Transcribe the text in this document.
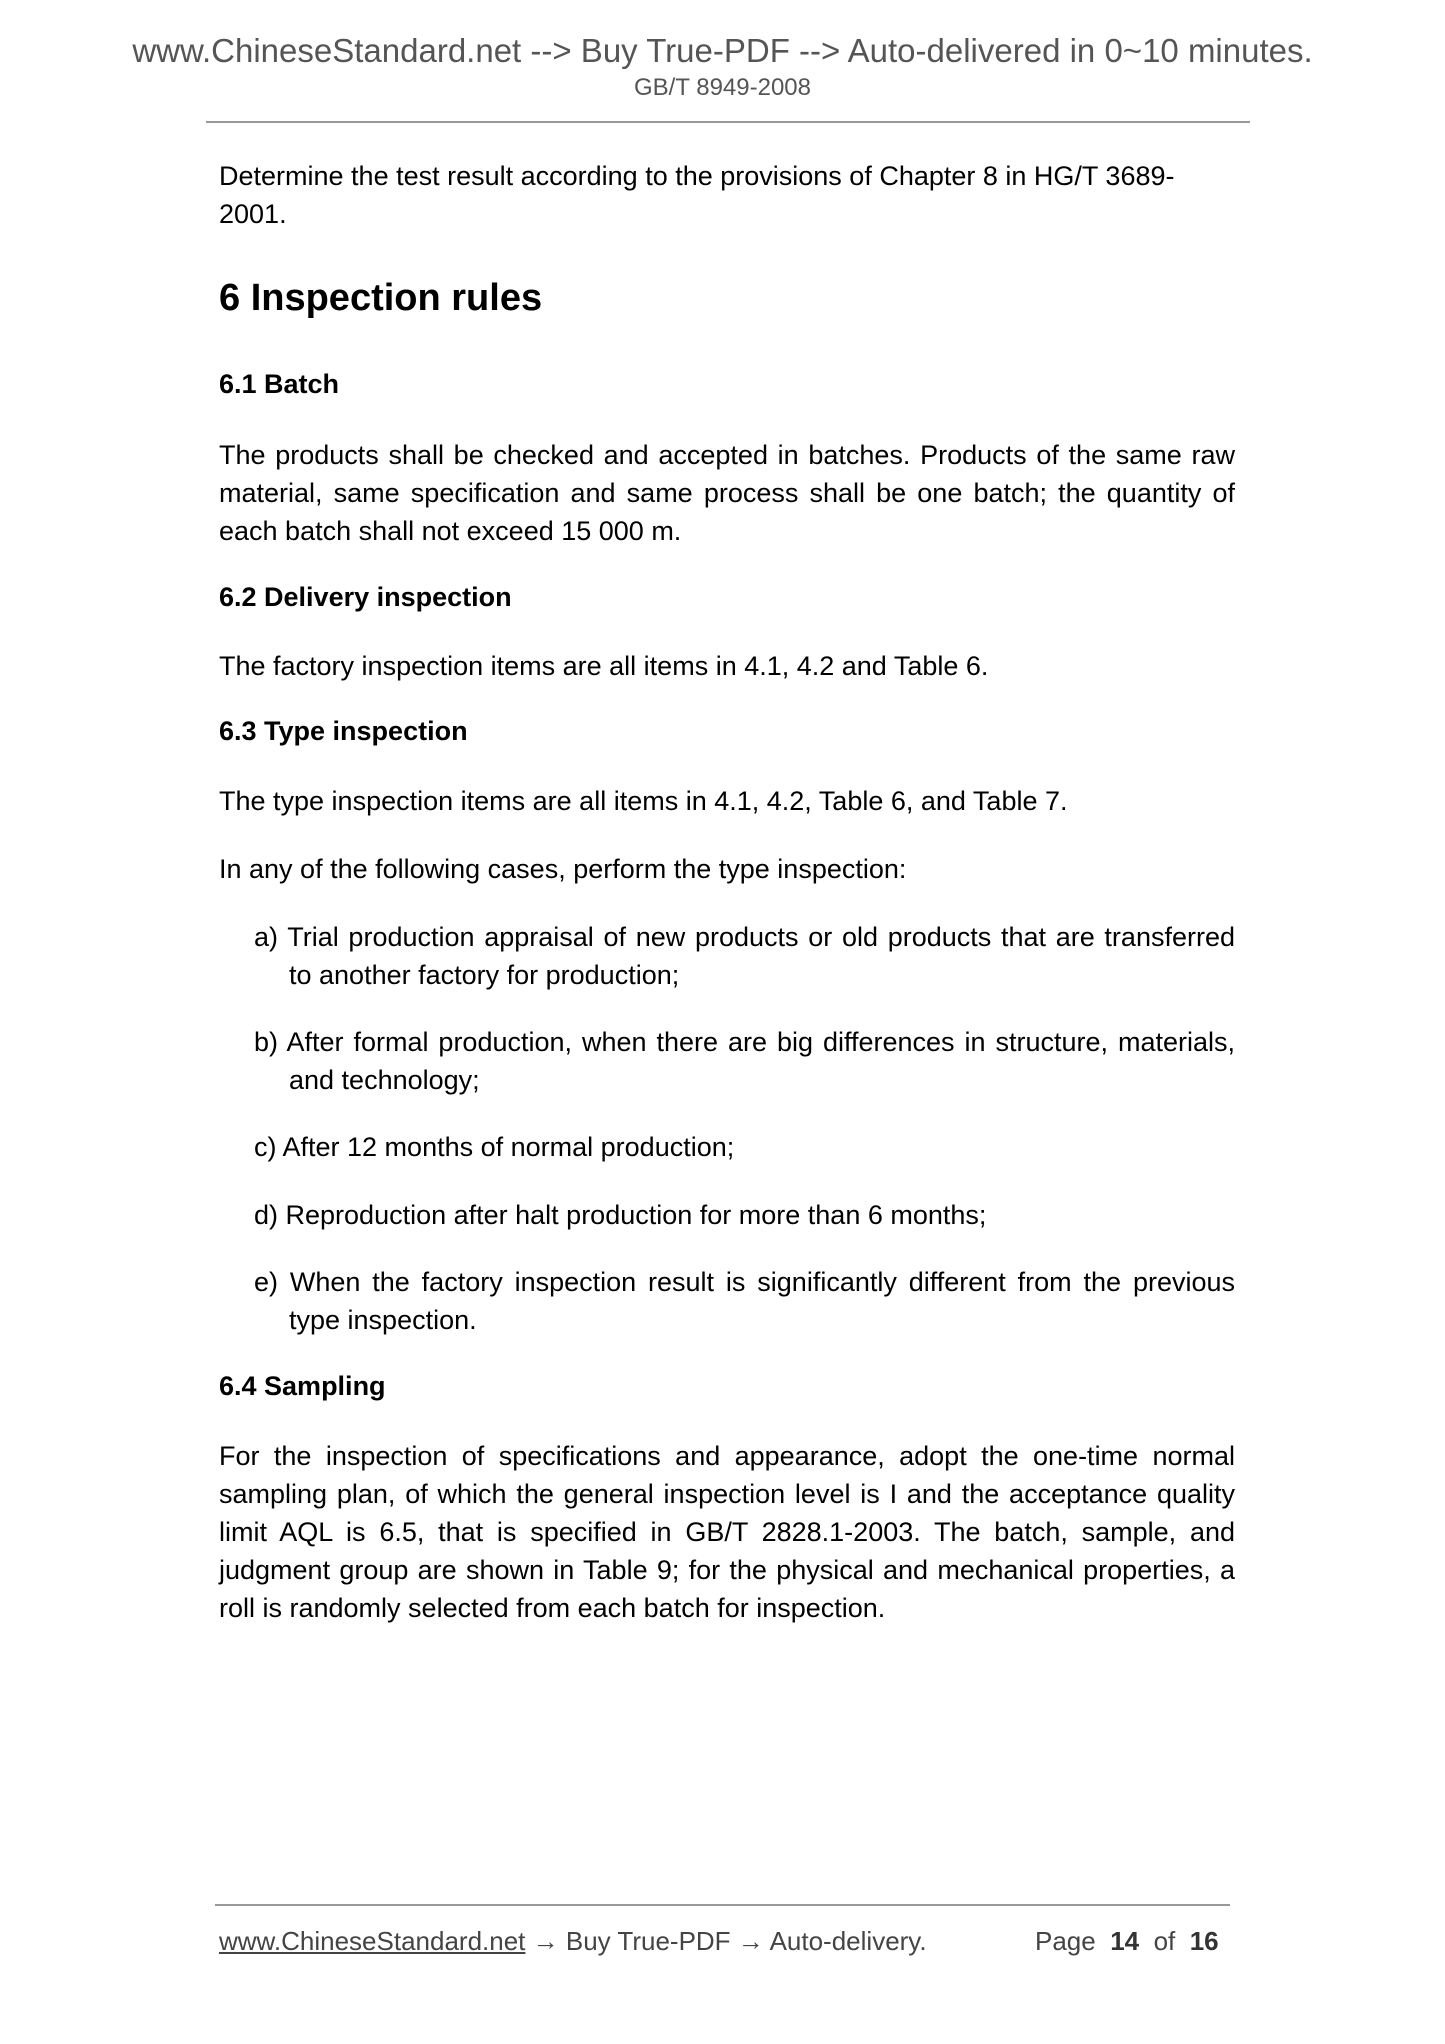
www.ChineseStandard.net --> Buy True-PDF --> Auto-delivered in 0~10 minutes.
GB/T 8949-2008
Determine the test result according to the provisions of Chapter 8 in HG/T 3689-2001.
6 Inspection rules
6.1 Batch
The products shall be checked and accepted in batches. Products of the same raw material, same specification and same process shall be one batch; the quantity of each batch shall not exceed 15 000 m.
6.2 Delivery inspection
The factory inspection items are all items in 4.1, 4.2 and Table 6.
6.3 Type inspection
The type inspection items are all items in 4.1, 4.2, Table 6, and Table 7.
In any of the following cases, perform the type inspection:
a) Trial production appraisal of new products or old products that are transferred to another factory for production;
b) After formal production, when there are big differences in structure, materials, and technology;
c) After 12 months of normal production;
d) Reproduction after halt production for more than 6 months;
e) When the factory inspection result is significantly different from the previous type inspection.
6.4 Sampling
For the inspection of specifications and appearance, adopt the one-time normal sampling plan, of which the general inspection level is I and the acceptance quality limit AQL is 6.5, that is specified in GB/T 2828.1-2003. The batch, sample, and judgment group are shown in Table 9; for the physical and mechanical properties, a roll is randomly selected from each batch for inspection.
www.ChineseStandard.net → Buy True-PDF → Auto-delivery.	Page 14 of 16
